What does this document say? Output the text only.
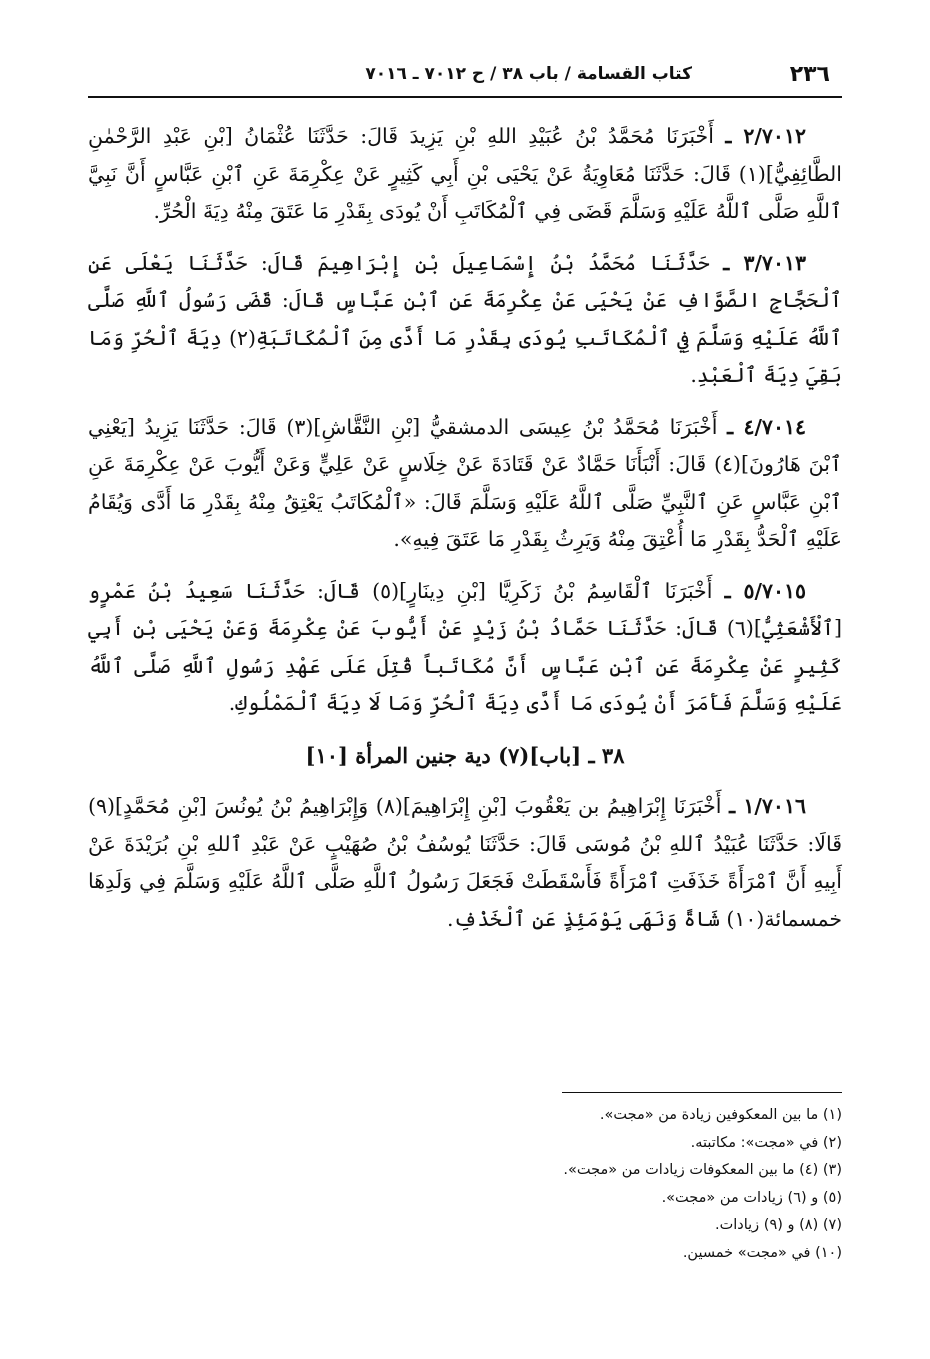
٢٣٦
كتاب القسامة / باب ٣٨ / ح ٧٠١٢ ـ ٧٠١٦

٢/٧٠١٢ ـ أَخْبَرَنَا مُحَمَّدُ بْنُ عُبَيْدِ اللهِ بْنِ يَزِيدَ قَالَ: حَدَّثَنَا عُثْمَانُ [بْنِ عَبْدِ الرَّحْمٰنِ الطَّائِفِيُّ](١) قَالَ: حَدَّثَنَا مُعَاوِيَةُ عَنْ يَحْيَى بْنِ أَبِي كَثِيرٍ عَنْ عِكْرِمَةَ عَنِ ٱبْنِ عَبَّاسٍ أَنَّ نَبِيَّ ٱللَّهِ صَلَّى ٱللَّهُ عَلَيْهِ وَسَلَّمَ قَضَى فِي ٱلْمُكَاتَبِ أَنْ يُودَى بِقَدْرِ مَا عَتَقَ مِنْهُ دِيَةَ الْحُرِّ.

٣/٧٠١٣ ـ حَدَّثَنَا مُحَمَّدُ بْنُ إِسْمَاعِيلَ بْنِ إِبْرَاهِيمَ قَالَ: حَدَّثَنَا يَعْلَى عَنِ ٱلْحَجَّاجِ الصَّوَّافِ عَنْ يَحْيَى عَنْ عِكْرِمَةَ عَنِ ٱبْنِ عَبَّاسٍ قَالَ: قَضَى رَسُولُ ٱللَّهِ صَلَّى ٱللَّهُ عَلَيْهِ وَسَلَّمَ فِي ٱلْمُكَاتَبِ يُودَى بِقَدْرِ مَا أَدَّى مِنَ ٱلْمُكَاتَبَةِ(٢) دِيَةَ ٱلْحُرِّ وَمَا بَقِيَ دِيَةَ ٱلْعَبْدِ.

٤/٧٠١٤ ـ أَخْبَرَنَا مُحَمَّدُ بْنُ عِيسَى الدمشقيُّ [بْنِ النَّقَّاشِ](٣) قَالَ: حَدَّثَنَا يَزِيدُ [يَعْنِي ٱبْنَ هَارُونَ](٤) قَالَ: أَنْبَأَنَا حَمَّادٌ عَنْ قَتَادَةَ عَنْ خِلَاسٍ عَنْ عَلِيٍّ وَعَنْ أَيُّوبَ عَنْ عِكْرِمَةَ عَنِ ٱبْنِ عَبَّاسٍ عَنِ ٱلنَّبِيِّ صَلَّى ٱللَّهُ عَلَيْهِ وَسَلَّمَ قَالَ: «ٱلْمُكَاتَبُ يَعْتِقُ مِنْهُ بِقَدْرِ مَا أَدَّى وَيُقَامُ عَلَيْهِ ٱلْحَدُّ بِقَدْرِ مَا أُعْتِقَ مِنْهُ وَيَرِثُ بِقَدْرِ مَا عَتَقَ فِيهِ».

٥/٧٠١٥ ـ أَخْبَرَنَا ٱلْقَاسِمُ بْنُ زَكَرِيَّا [بْنِ دِينَارٍ](٥) قَالَ: حَدَّثَنَا سَعِيدُ بْنُ عَمْرٍو [ٱلْأَشْعَثِيُّ](٦) قَالَ: حَدَّثَنَا حَمَّادُ بْنُ زَيْدٍ عَنْ أَيُّوبَ عَنْ عِكْرِمَةَ وَعَنْ يَحْيَى بْنِ أَبِي كَثِيرٍ عَنْ عِكْرِمَةَ عَنِ ٱبْنِ عَبَّاسٍ أَنَّ مُكَاتَباً قُتِلَ عَلَى عَهْدِ رَسُولِ ٱللَّهِ صَلَّى ٱللَّهُ عَلَيْهِ وَسَلَّمَ فَأَمَرَ أَنْ يُودَى مَا أَدَّى دِيَةَ ٱلْحُرِّ وَمَا لَا دِيَةَ ٱلْمَمْلُوكِ.

٣٨ ـ [باب](٧) دية جنين المرأة [١٠]

١/٧٠١٦ ـ أَخْبَرَنَا إِبْرَاهِيمُ بن يَعْقُوبَ [بْنِ إِبْرَاهِيمَ](٨) وَإِبْرَاهِيمُ بْنُ يُونُسَ [بْنِ مُحَمَّدٍ](٩) قَالَا: حَدَّثَنَا عُبَيْدُ ٱللهِ بْنُ مُوسَى قَالَ: حَدَّثَنَا يُوسُفُ بْنُ صُهَيْبٍ عَنْ عَبْدِ ٱللهِ بْنِ بُرَيْدَةَ عَنْ أَبِيهِ أَنَّ ٱمْرَأَةً خَذَفَتِ ٱمْرَأَةً فَأَسْقَطَتْ فَجَعَلَ رَسُولُ ٱللَّهِ صَلَّى ٱللَّهُ عَلَيْهِ وَسَلَّمَ فِي وَلَدِهَا خمسمائة(١٠) شَاةً وَنَهَى يَوْمَئِذٍ عَنِ ٱلْخَذْفِ.

(١) ما بين المعكوفين زيادة من «مجت».
(٢) في «مجت»: مكاتبته.
(٣) (٤) ما بين المعكوفات زيادات من «مجت».
(٥) و (٦) زيادات من «مجت».
(٧) (٨) و (٩) زيادات.
(١٠) في «مجت» خمسين.
